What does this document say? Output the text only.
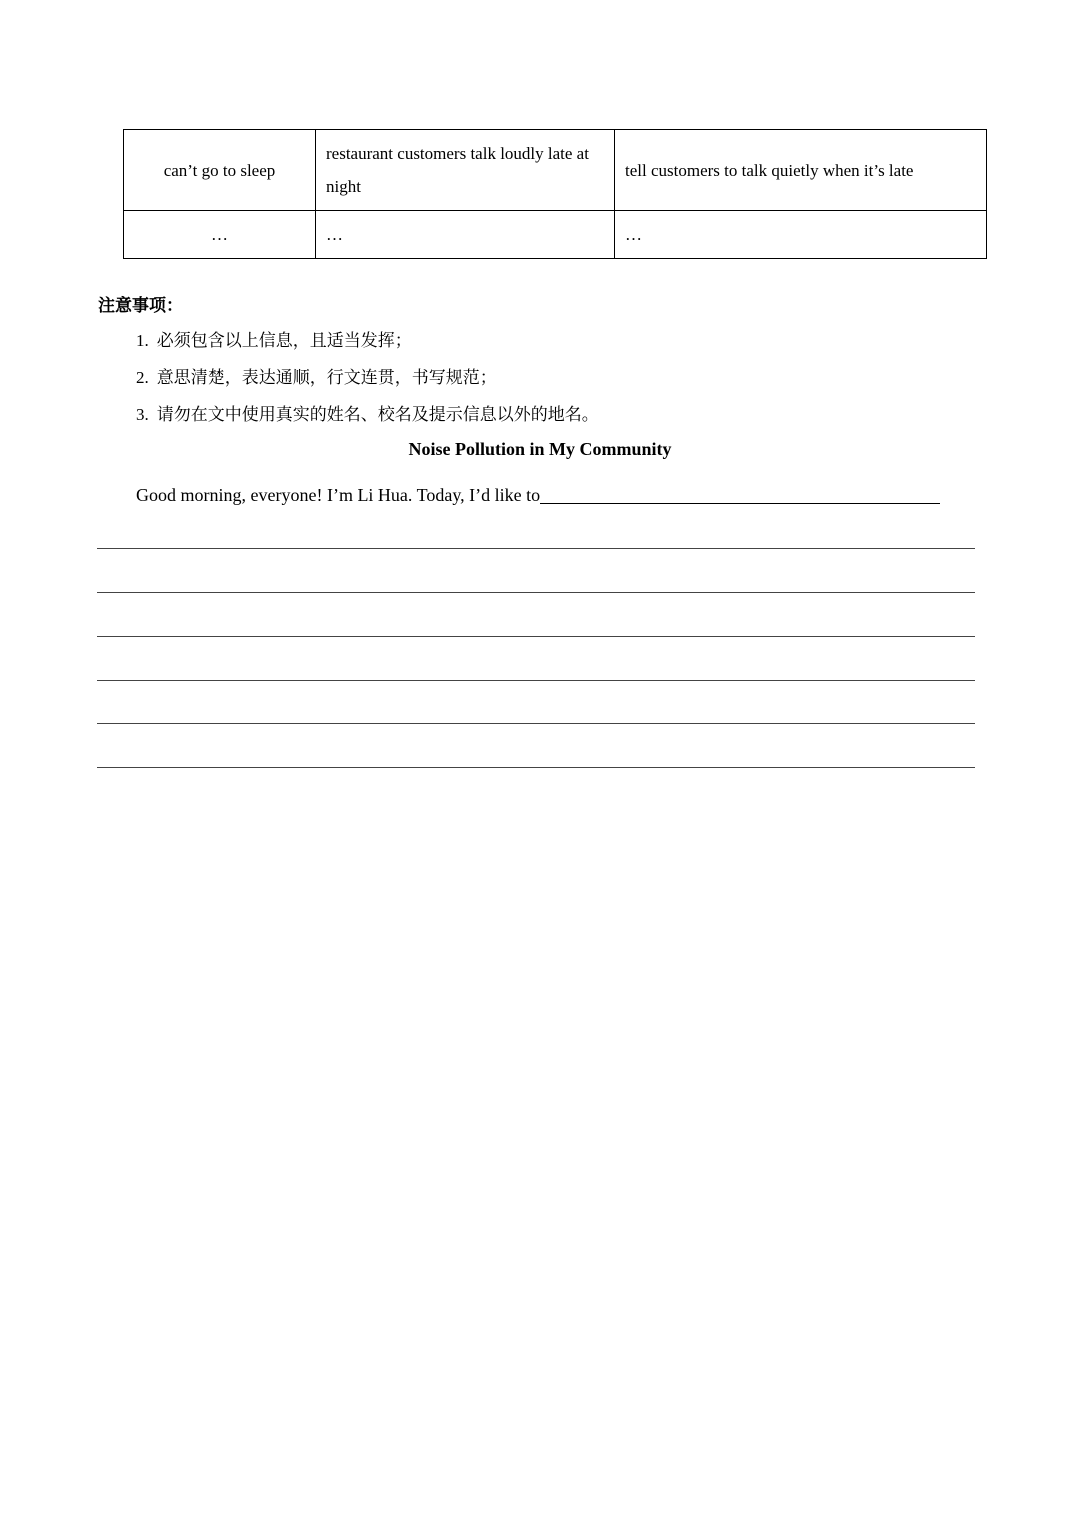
can’t go to sleep	restaurant customers talk loudly late at night	tell customers to talk quietly when it’s late
…	…	…
注意事项：
1. 必须包含以上信息，且适当发挥；
2. 意思清楚，表达通顺，行文连贯，书写规范；
3. 请勿在文中使用真实的姓名、校名及提示信息以外的地名。
Noise Pollution in My Community
Good morning, everyone! I’m Li Hua. Today, I’d like to
